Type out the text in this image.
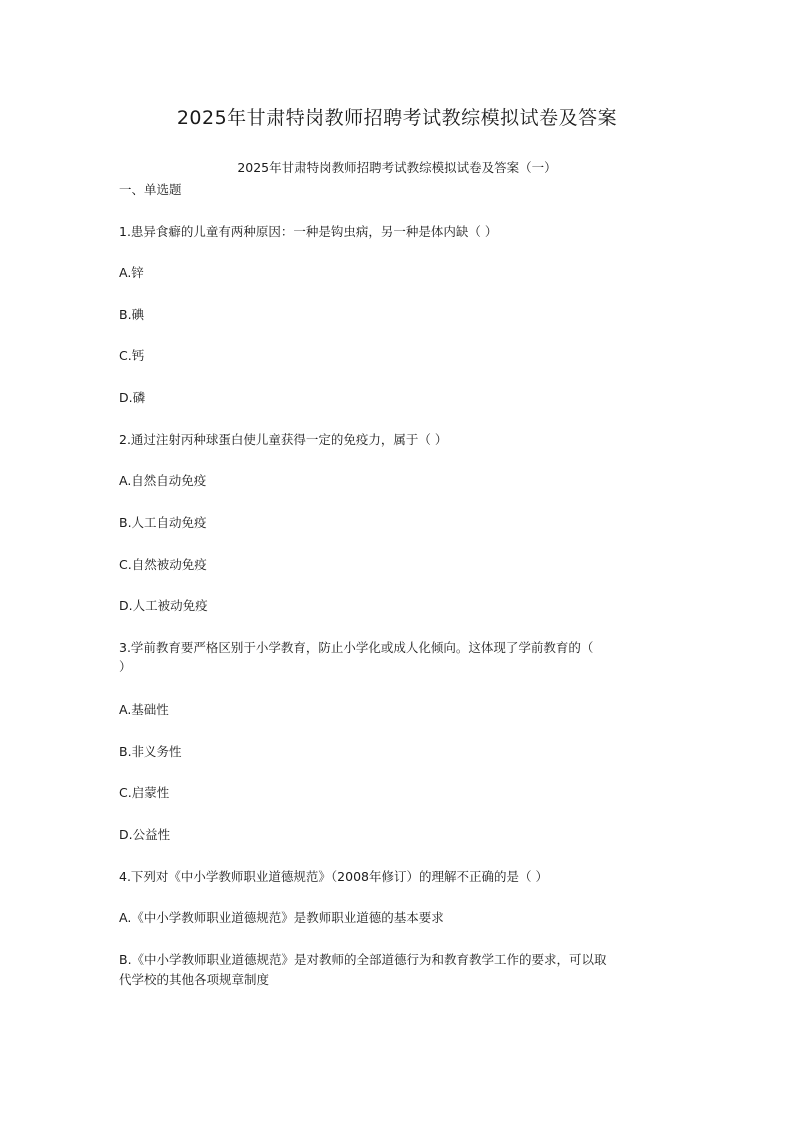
2025年甘肃特岗教师招聘考试教综模拟试卷及答案
2025年甘肃特岗教师招聘考试教综模拟试卷及答案（一）
一、单选题
1.患异食癖的儿童有两种原因：一种是钩虫病，另一种是体内缺（ ）
A.锌
B.碘
C.钙
D.磷
2.通过注射丙种球蛋白使儿童获得一定的免疫力，属于（ ）
A.自然自动免疫
B.人工自动免疫
C.自然被动免疫
D.人工被动免疫
3.学前教育要严格区别于小学教育，防止小学化或成人化倾向。这体现了学前教育的（
）
A.基础性
B.非义务性
C.启蒙性
D.公益性
4.下列对《中小学教师职业道德规范》（2008年修订）的理解不正确的是（ ）
A.《中小学教师职业道德规范》是教师职业道德的基本要求
B.《中小学教师职业道德规范》是对教师的全部道德行为和教育教学工作的要求，可以取
代学校的其他各项规章制度
